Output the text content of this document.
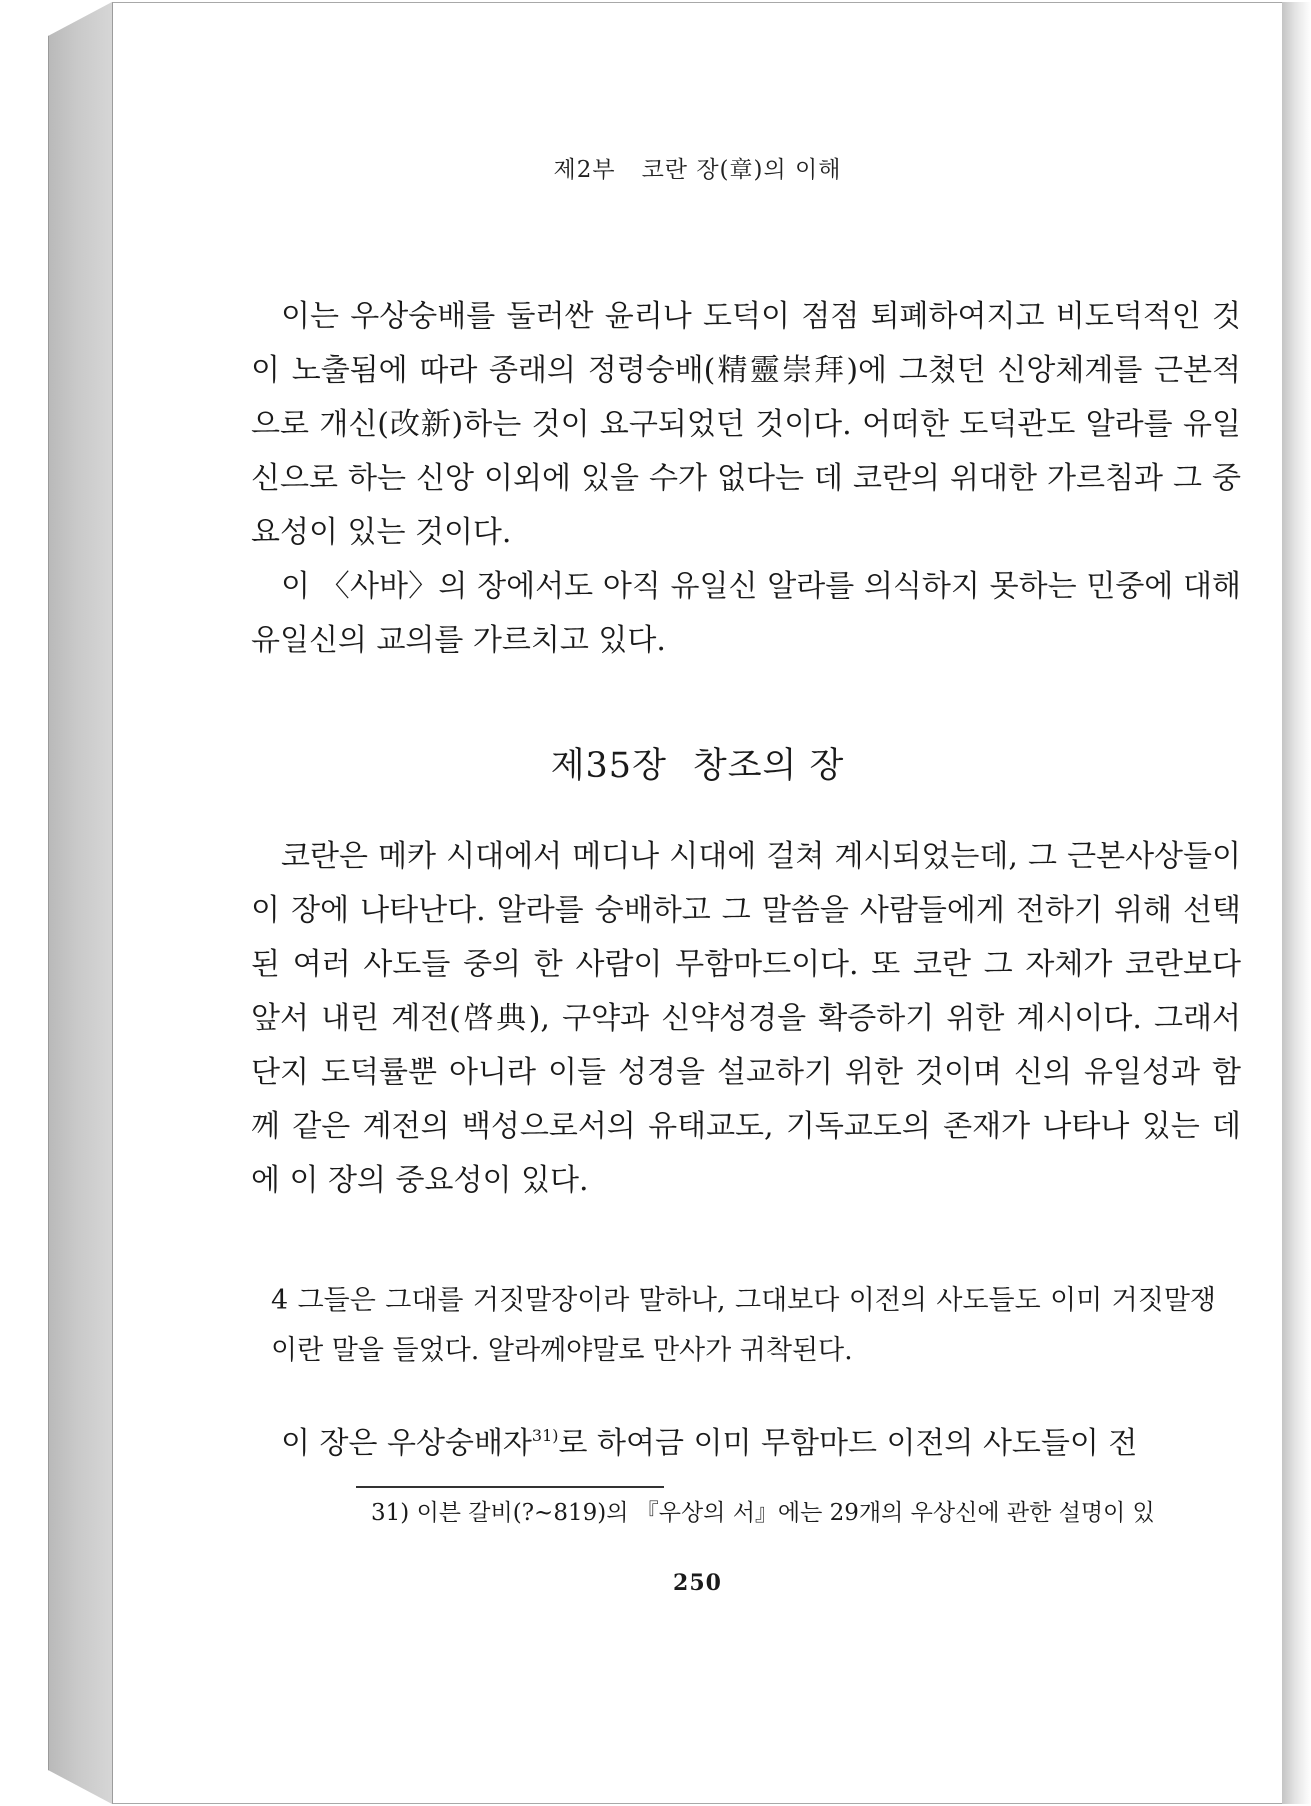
제2부 코란 장(章)의 이해

이는 우상숭배를 둘러싼 윤리나 도덕이 점점 퇴폐하여지고 비도덕적인 것이 노출됨에 따라 종래의 정령숭배(精靈崇拜)에 그쳤던 신앙체계를 근본적으로 개신(改新)하는 것이 요구되었던 것이다. 어떠한 도덕관도 알라를 유일신으로 하는 신앙 이외에 있을 수가 없다는 데 코란의 위대한 가르침과 그 중요성이 있는 것이다.

이 〈사바〉의 장에서도 아직 유일신 알라를 의식하지 못하는 민중에 대해 유일신의 교의를 가르치고 있다.

제35장 창조의 장

코란은 메카 시대에서 메디나 시대에 걸쳐 계시되었는데, 그 근본사상들이 이 장에 나타난다. 알라를 숭배하고 그 말씀을 사람들에게 전하기 위해 선택된 여러 사도들 중의 한 사람이 무함마드이다. 또 코란 그 자체가 코란보다 앞서 내린 계전(啓典), 구약과 신약성경을 확증하기 위한 계시이다. 그래서 단지 도덕률뿐 아니라 이들 성경을 설교하기 위한 것이며 신의 유일성과 함께 같은 계전의 백성으로서의 유태교도, 기독교도의 존재가 나타나 있는 데에 이 장의 중요성이 있다.

4 그들은 그대를 거짓말장이라 말하나, 그대보다 이전의 사도들도 이미 거짓말쟁이란 말을 들었다. 알라께야말로 만사가 귀착된다.
이 장은 우상숭배자$^{31)}$로 하여금 이미 무함마드 이전의 사도들이 전
31) 이븐 갈비(?~819)의 『우상의 서』에는 29개의 우상신에 관한 설명이 있
250
